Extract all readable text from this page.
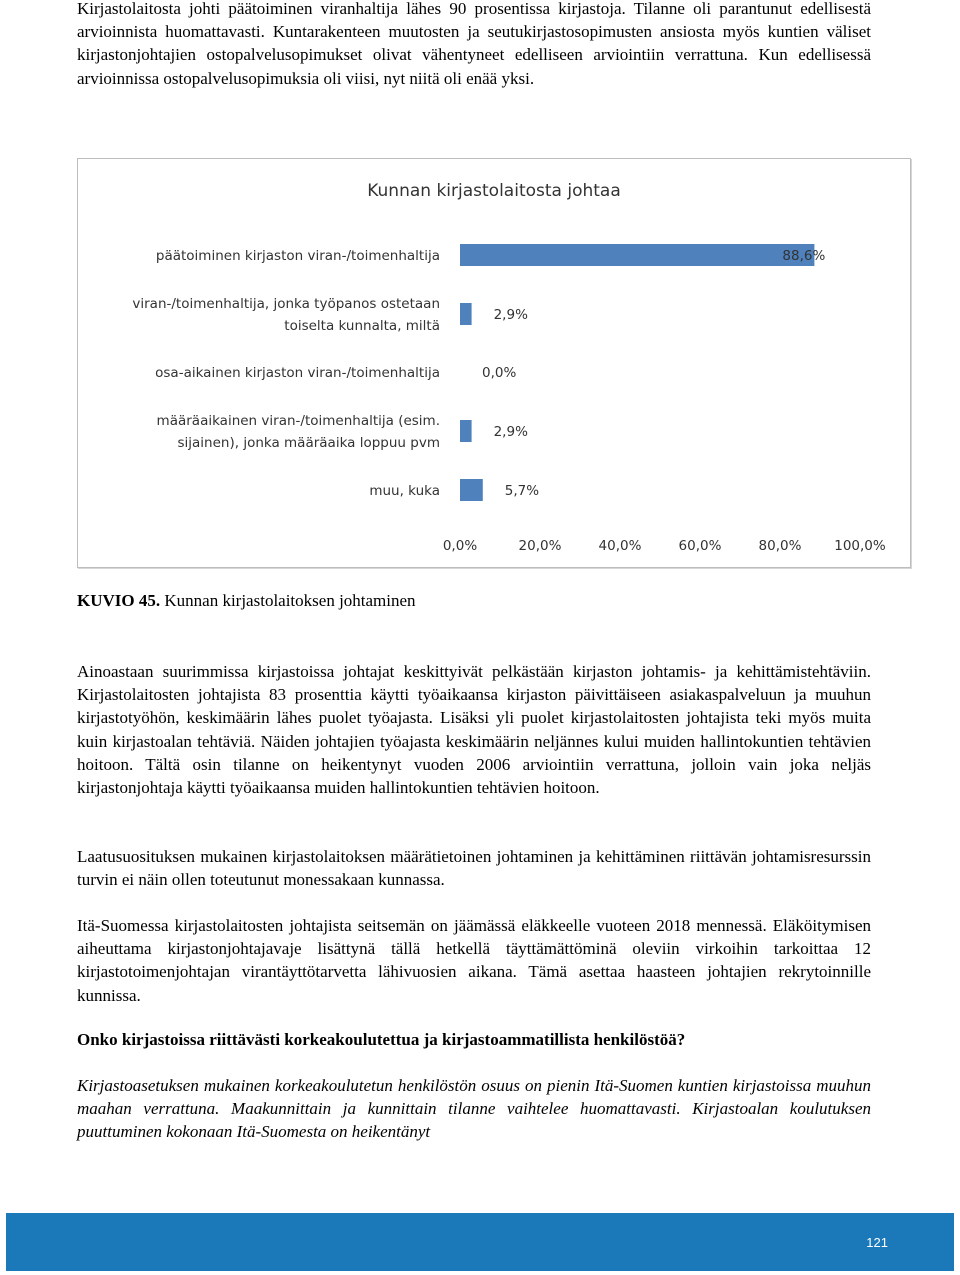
Kirjastolaitosta johti päätoiminen viranhaltija lähes 90 prosentissa kirjastoja. Tilanne oli parantunut edellisestä arvioinnista huomattavasti. Kuntarakenteen muutosten ja seutukirjastosopimusten ansiosta myös kuntien väliset kirjastonjohtajien ostopalvelusopimukset olivat vähentyneet edelliseen arviointiin verrattuna. Kun edellisessä arvioinnissa ostopalvelusopimuksia oli viisi, nyt niitä oli enää yksi.

Kunnan kirjastolaitosta johtaa
päätoiminen kirjaston viran-/toimenhaltija	88,6%
viran-/toimenhaltija, jonka työpanos ostetaan
toiselta kunnalta, miltä
2,9%
osa-aikainen kirjaston viran-/toimenhaltija	0,0%
määräaikainen viran-/toimenhaltija (esim.
sijainen), jonka määräaika loppuu pvm
2,9%
muu, kuka	5,7%
0,0%	20,0%	40,0%	60,0%	80,0% 100,0%

KUVIO 45. Kunnan kirjastolaitoksen johtaminen

Ainoastaan suurimmissa kirjastoissa johtajat keskittyivät pelkästään kirjaston johtamis- ja kehittämistehtäviin. Kirjastolaitosten johtajista 83 prosenttia käytti työaikaansa kirjaston päivittäiseen asiakaspalveluun ja muuhun kirjastotyöhön, keskimäärin lähes puolet työajasta. Lisäksi yli puolet kirjastolaitosten johtajista teki myös muita kuin kirjastoalan tehtäviä. Näiden johtajien työajasta keskimäärin neljännes kului muiden hallintokuntien tehtävien hoitoon. Tältä osin tilanne on heikentynyt vuoden 2006 arviointiin verrattuna, jolloin vain joka neljäs kirjastonjohtaja käytti työaikaansa muiden hallintokuntien tehtävien hoitoon.

Laatusuosituksen mukainen kirjastolaitoksen määrätietoinen johtaminen ja kehittäminen riittävän johtamisresurssin turvin ei näin ollen toteutunut monessakaan kunnassa.

Itä-Suomessa kirjastolaitosten johtajista seitsemän on jäämässä eläkkeelle vuoteen 2018 mennessä. Eläköitymisen aiheuttama kirjastonjohtajavaje lisättynä tällä hetkellä täyttämättöminä oleviin virkoihin tarkoittaa 12 kirjastotoimenjohtajan virantäyttötarvetta lähivuosien aikana. Tämä asettaa haasteen johtajien rekrytoinnille kunnissa.

Onko kirjastoissa riittävästi korkeakoulutettua ja kirjastoammatillista henkilöstöä?

Kirjastoasetuksen mukainen korkeakoulutetun henkilöstön osuus on pienin Itä-Suomen kuntien kirjastoissa muuhun maahan verrattuna. Maakunnittain ja kunnittain tilanne vaihtelee huomattavasti. Kirjastoalan koulutuksen puuttuminen kokonaan Itä-Suomesta on heikentänyt

121
